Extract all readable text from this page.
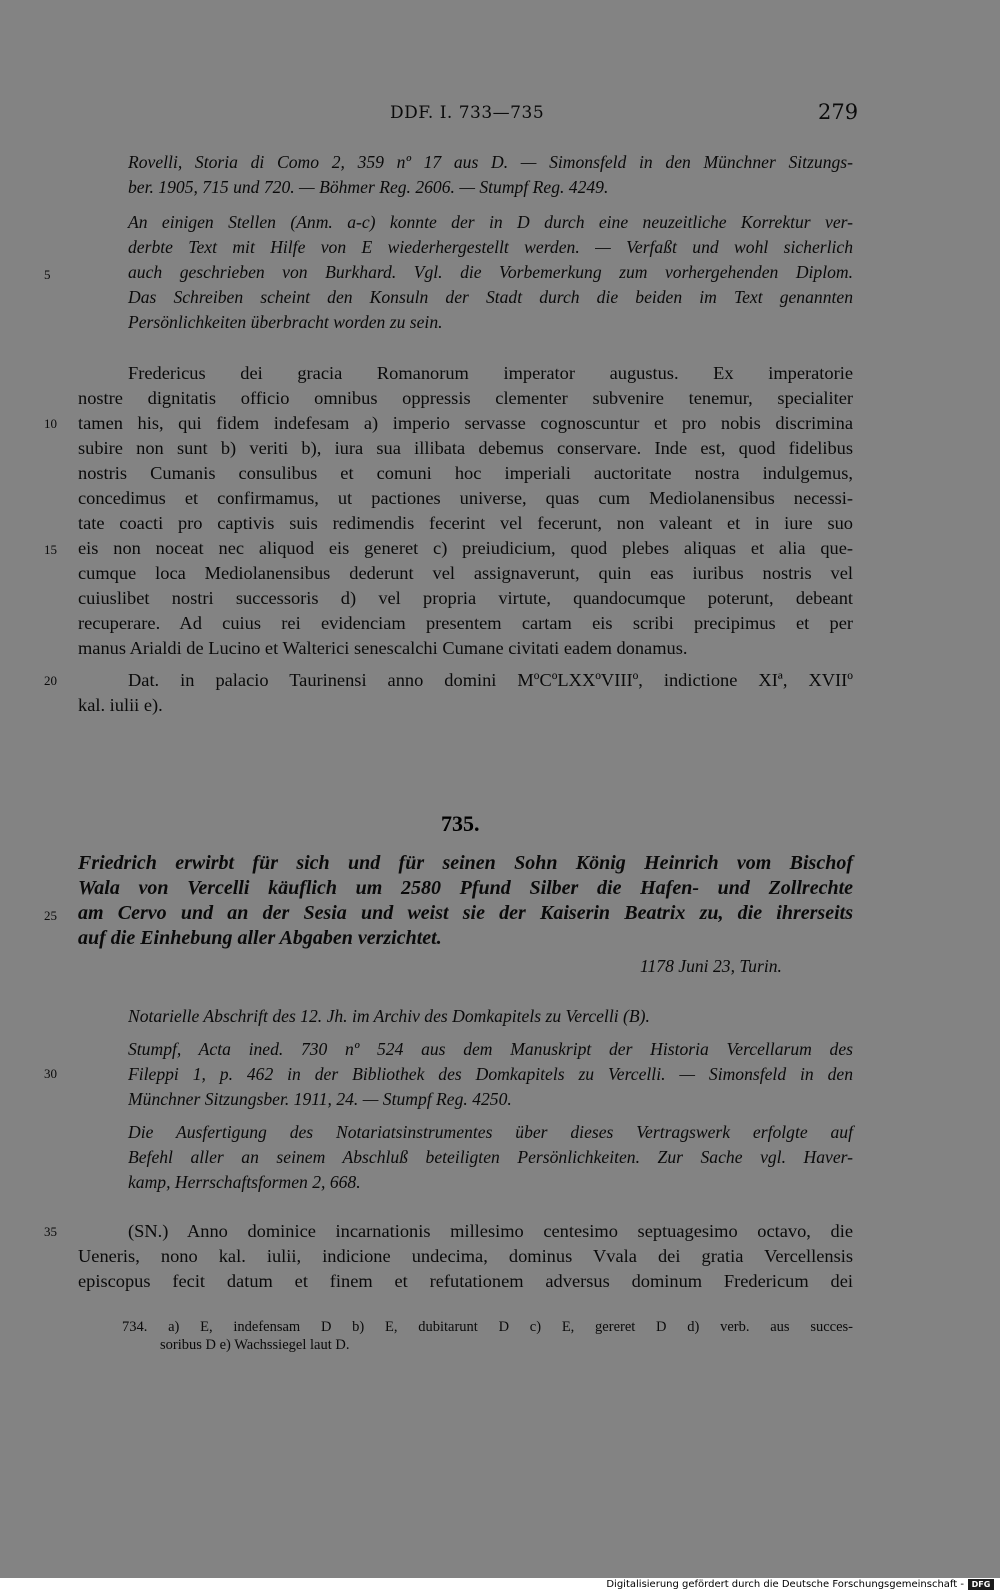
DDF. I. 733—735	279
Rovelli, Storia di Como 2, 359 nº 17 aus D. — Simonsfeld in den Münchner Sitzungs-
ber. 1905, 715 und 720. — Böhmer Reg. 2606. — Stumpf Reg. 4249.
An einigen Stellen (Anm. a-c) konnte der in D durch eine neuzeitliche Korrektur ver-
derbte Text mit Hilfe von E wiederhergestellt werden. — Verfaßt und wohl sicherlich
auch geschrieben von Burkhard. Vgl. die Vorbemerkung zum vorhergehenden Diplom.
Das Schreiben scheint den Konsuln der Stadt durch die beiden im Text genannten
Persönlichkeiten überbracht worden zu sein.
Fredericus dei gracia Romanorum imperator augustus. Ex imperatorie
nostre dignitatis officio omnibus oppressis clementer subvenire tenemur, specialiter
tamen his, qui fidem indefesam a) imperio servasse cognoscuntur et pro nobis discrimina
subire non sunt b) veriti b), iura sua illibata debemus conservare. Inde est, quod fidelibus
nostris Cumanis consulibus et comuni hoc imperiali auctoritate nostra indulgemus,
concedimus et confirmamus, ut pactiones universe, quas cum Mediolanensibus necessi-
tate coacti pro captivis suis redimendis fecerint vel fecerunt, non valeant et in iure suo
eis non noceat nec aliquod eis generet c) preiudicium, quod plebes aliquas et alia que-
cumque loca Mediolanensibus dederunt vel assignaverunt, quin eas iuribus nostris vel
cuiuslibet nostri successoris d) vel propria virtute, quandocumque poterunt, debeant
recuperare. Ad cuius rei evidenciam presentem cartam eis scribi precipimus et per
manus Arialdi de Lucino et Walterici senescalchi Cumane civitati eadem donamus.
Dat. in palacio Taurinensi anno domini MºCºLXXºVIIIº, indictione XIª, XVIIº
kal. iulii e).
735.
Friedrich erwirbt für sich und für seinen Sohn König Heinrich vom Bischof
Wala von Vercelli käuflich um 2580 Pfund Silber die Hafen- und Zollrechte
am Cervo und an der Sesia und weist sie der Kaiserin Beatrix zu, die ihrerseits
auf die Einhebung aller Abgaben verzichtet.
1178 Juni 23, Turin.
Notarielle Abschrift des 12. Jh. im Archiv des Domkapitels zu Vercelli (B).
Stumpf, Acta ined. 730 nº 524 aus dem Manuskript der Historia Vercellarum des
Fileppi 1, p. 462 in der Bibliothek des Domkapitels zu Vercelli. — Simonsfeld in den
Münchner Sitzungsber. 1911, 24. — Stumpf Reg. 4250.
Die Ausfertigung des Notariatsinstrumentes über dieses Vertragswerk erfolgte auf
Befehl aller an seinem Abschluß beteiligten Persönlichkeiten. Zur Sache vgl. Haver-
kamp, Herrschaftsformen 2, 668.
(SN.) Anno dominice incarnationis millesimo centesimo septuagesimo octavo, die
Ueneris, nono kal. iulii, indicione undecima, dominus Vvala dei gratia Vercellensis
episcopus fecit datum et finem et refutationem adversus dominum Fredericum dei
5
10
15
20
25
30
35
734. a) E, indefensam D b) E, dubitarunt D c) E, gereret D d) verb. aus succes-
soribus D e) Wachssiegel laut D.
Digitalisierung gefördert durch die Deutsche Forschungsgemeinschaft - DFG
